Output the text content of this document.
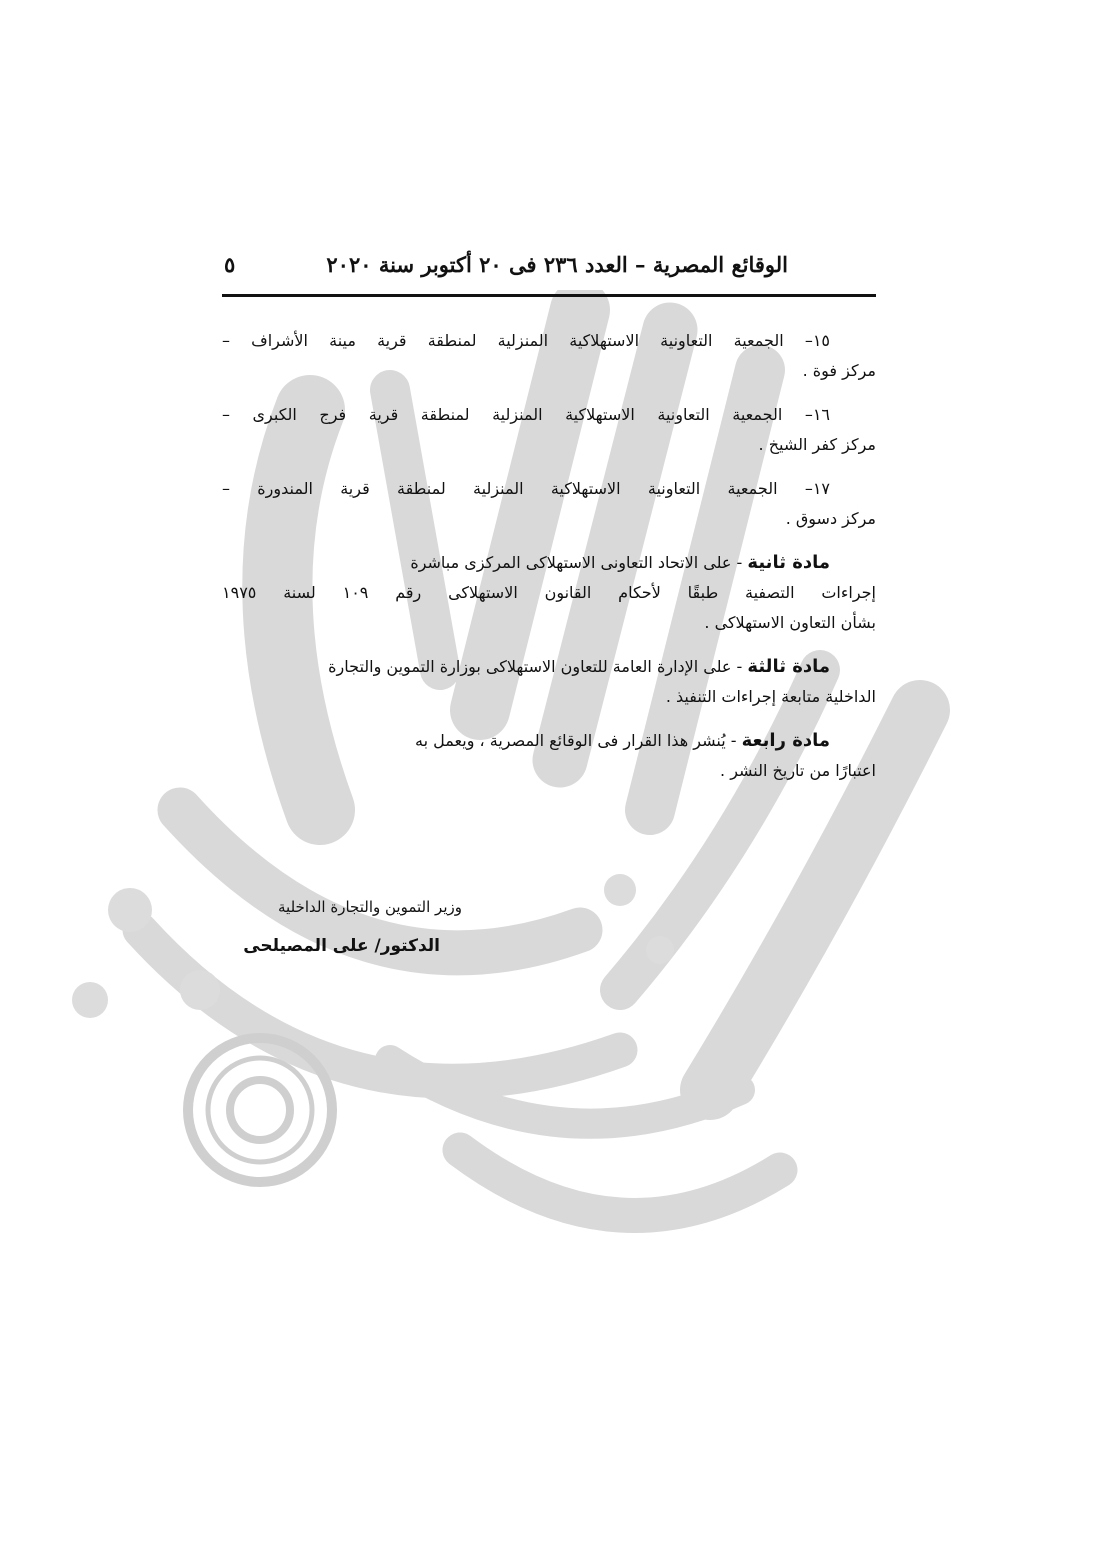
الوقائع المصرية – العدد ٢٣٦ فى ٢٠ أكتوبر سنة ٢٠٢٠
٥
١٥– الجمعية التعاونية الاستهلاكية المنزلية لمنطقة قرية مينة الأشراف –
مركز فوة .
١٦– الجمعية التعاونية الاستهلاكية المنزلية لمنطقة قرية فرج الكبرى –
مركز كفر الشيخ .
١٧– الجمعية التعاونية الاستهلاكية المنزلية لمنطقة قرية المندورة –
مركز دسوق .
مادة ثانية - على الاتحاد التعاونى الاستهلاكى المركزى مباشرة
إجراءات التصفية طبقًا لأحكام القانون الاستهلاكى رقم ١٠٩ لسنة ١٩٧٥
بشأن التعاون الاستهلاكى .
مادة ثالثة - على الإدارة العامة للتعاون الاستهلاكى بوزارة التموين والتجارة
الداخلية متابعة إجراءات التنفيذ .
مادة رابعة - يُنشر هذا القرار فى الوقائع المصرية ، ويعمل به
اعتبارًا من تاريخ النشر .
وزير التموين والتجارة الداخلية
الدكتور/ على المصيلحى
